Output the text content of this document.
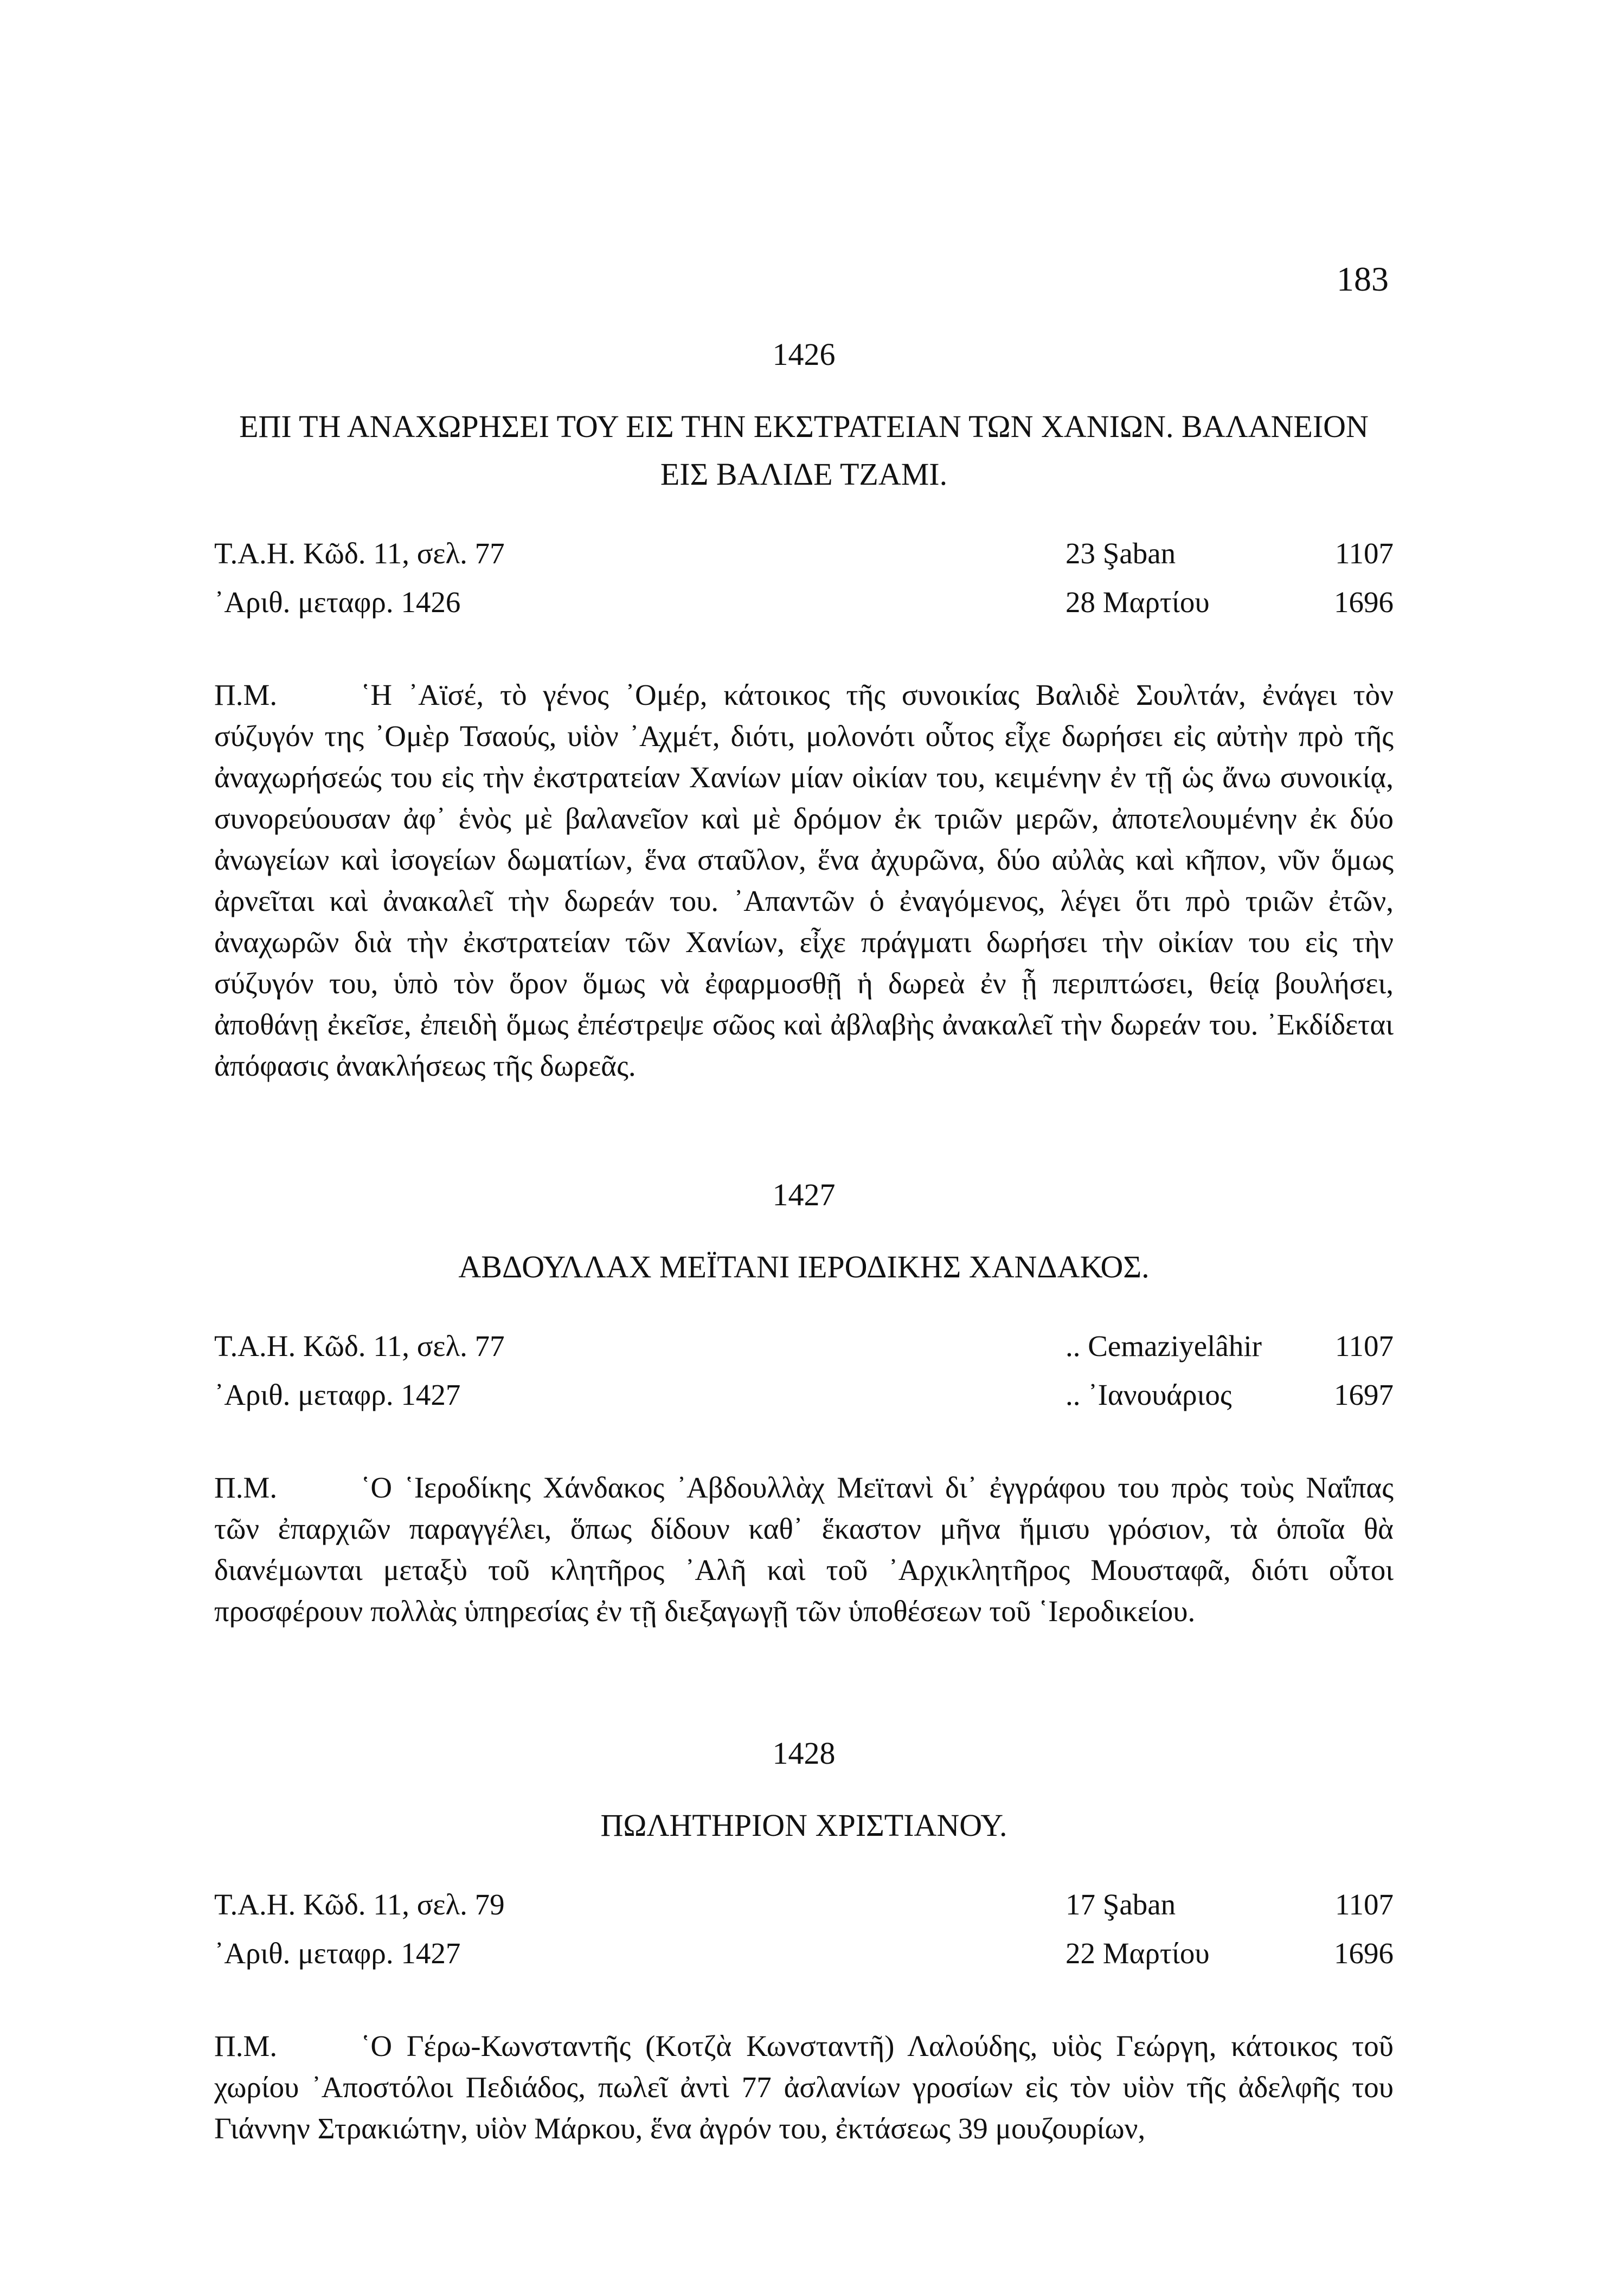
183
1426
ΕΠΙ ΤΗ ΑΝΑΧΩΡΗΣΕΙ ΤΟΥ ΕΙΣ ΤΗΝ ΕΚΣΤΡΑΤΕΙΑΝ ΤΩΝ ΧΑΝΙΩΝ. ΒΑΛΑΝΕΙΟΝ ΕΙΣ ΒΑΛΙΔΕ ΤΖΑΜΙ.
Τ.Α.Η. Κῶδ. 11, σελ. 77	23 Şaban	1107
᾿Αριθ. μεταφρ. 1426	28 Μαρτίου	1696
Π.Μ.	῾Η ᾿Αϊσέ, τὸ γένος ᾿Ομέρ, κάτοικος τῆς συνοικίας Βαλιδὲ Σουλτάν, ἐνάγει τὸν σύζυγόν της ᾿Ομὲρ Τσαούς, υἱὸν ᾿Αχμέτ, διότι, μολονότι οὗτος εἶχε δωρήσει εἰς αὐτὴν πρὸ τῆς ἀναχωρήσεώς του εἰς τὴν ἐκστρατείαν Χανίων μίαν οἰκίαν του, κειμένην ἐν τῇ ὡς ἄνω συνοικίᾳ, συνορεύουσαν ἀφ᾿ ἑνὸς μὲ βαλανεῖον καὶ μὲ δρόμον ἐκ τριῶν μερῶν, ἀποτελουμένην ἐκ δύο ἀνωγείων καὶ ἰσογείων δωματίων, ἕνα σταῦλον, ἕνα ἀχυρῶνα, δύο αὐλὰς καὶ κῆπον, νῦν ὅμως ἀρνεῖται καὶ ἀνακαλεῖ τὴν δωρεάν του. ᾿Απαντῶν ὁ ἐναγόμενος, λέγει ὅτι πρὸ τριῶν ἐτῶν, ἀναχωρῶν διὰ τὴν ἐκστρατείαν τῶν Χανίων, εἶχε πράγματι δωρήσει τὴν οἰκίαν του εἰς τὴν σύζυγόν του, ὑπὸ τὸν ὅρον ὅμως νὰ ἐφαρμοσθῇ ἡ δωρεὰ ἐν ᾗ περιπτώσει, θείᾳ βουλήσει, ἀποθάνῃ ἐκεῖσε, ἐπειδὴ ὅμως ἐπέστρεψε σῶος καὶ ἀβλαβὴς ἀνακαλεῖ τὴν δωρεάν του. ᾿Εκδίδεται ἀπόφασις ἀνακλήσεως τῆς δωρεᾶς.
1427
ΑΒΔΟΥΛΛΑΧ ΜΕΪΤΑΝΙ ΙΕΡΟΔΙΚΗΣ ΧΑΝΔΑΚΟΣ.
Τ.Α.Η. Κῶδ. 11, σελ. 77	.. Cemaziyelâhir 1107
᾿Αριθ. μεταφρ. 1427	.. ᾿Ιανουάριος	1697
Π.Μ.	῾Ο ῾Ιεροδίκης Χάνδακος ᾿Αβδουλλὰχ Μεϊτανὶ δι᾿ ἐγγράφου του πρὸς τοὺς Ναΐπας τῶν ἐπαρχιῶν παραγγέλει, ὅπως δίδουν καθ᾿ ἕκαστον μῆνα ἥμισυ γρόσιον, τὰ ὁποῖα θὰ διανέμωνται μεταξὺ τοῦ κλητῆρος ᾿Αλῆ καὶ τοῦ ᾿Αρχικλητῆρος Μουσταφᾶ, διότι οὗτοι προσφέρουν πολλὰς ὑπηρεσίας ἐν τῇ διεξαγωγῇ τῶν ὑποθέσεων τοῦ ῾Ιεροδικείου.
1428
ΠΩΛΗΤΗΡΙΟΝ ΧΡΙΣΤΙΑΝΟΥ.
Τ.Α.Η. Κῶδ. 11, σελ. 79	17 Şaban	1107
᾿Αριθ. μεταφρ. 1427	22 Μαρτίου	1696
Π.Μ.	῾Ο Γέρω-Κωνσταντῆς (Κοτζὰ Κωνσταντῆ) Λαλούδης, υἱὸς Γεώργη, κάτοικος τοῦ χωρίου ᾿Αποστόλοι Πεδιάδος, πωλεῖ ἀντὶ 77 ἀσλανίων γροσίων εἰς τὸν υἱὸν τῆς ἀδελφῆς του Γιάννην Στρακιώτην, υἱὸν Μάρκου, ἕνα ἀγρόν του, ἐκτάσεως 39 μουζουρίων,
